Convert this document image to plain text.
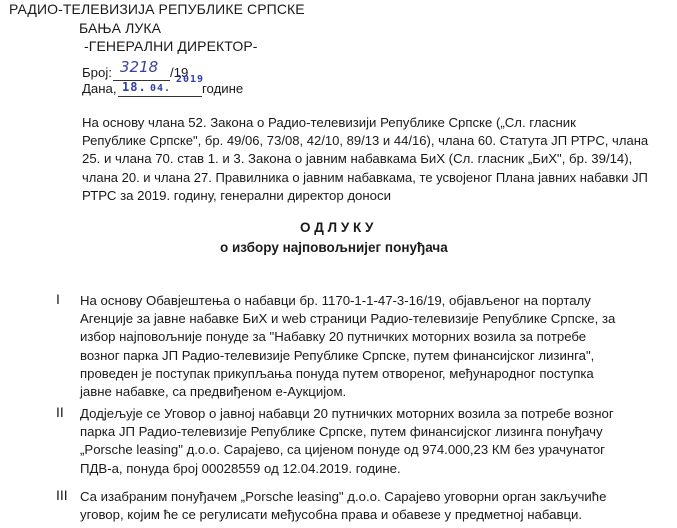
РАДИО-ТЕЛЕВИЗИЈА РЕПУБЛИКЕ СРПСКЕ
БАЊА ЛУКА
-ГЕНЕРАЛНИ ДИРЕКТОР-
Број: 3218 /19
Дана, 18. 04.
2019
године
На основу члана 52. Закона о Радио-телевизији Републике Српске („Сл. гласник
Републике Српске", бр. 49/06, 73/08, 42/10, 89/13 и 44/16), члана 60. Статута ЈП РТРС, члана
25. и члана 70. став 1. и 3. Закона о јавним набавкама БиХ (Сл. гласник „БиХ", бр. 39/14),
члана 20. и члана 27. Правилника о јавним набавкама, те усвојеног Плана јавних набавки ЈП
РТРС за 2019. годину, генерални директор доноси
О Д Л У К У
о избору најповољнијег понуђача
I На основу Обавјештења о набавци бр. 1170-1-1-47-3-16/19, објављеног на порталу
Агенције за јавне набавке БиХ и web страници Радио-телевизије Републике Српске, за
избор најповољније понуде за "Набавку 20 путничких моторних возила за потребе
возног парка ЈП Радио-телевизије Републике Српске, путем финансијског лизинга",
проведен је поступак прикупљања понуда путем отвореног, међународног поступка
јавне набавке, са предвиђеном е-Аукцијом.
II Додјељује се Уговор о јавној набавци 20 путничких моторних возила за потребе возног
парка ЈП Радио-телевизије Републике Српске, путем финансијског лизинга понуђачу
„Porsche leasing" д.о.о. Сарајево, са цијеном понуде од 974.000,23 КМ без урачунатог
ПДВ-а, понуда број 00028559 од 12.04.2019. године.
III Са изабраним понуђачем „Porsche leasing" д.о.о. Сарајево уговорни орган закључиће
уговор, којим ће се регулисати међусобна права и обавезе у предметној набавци.
